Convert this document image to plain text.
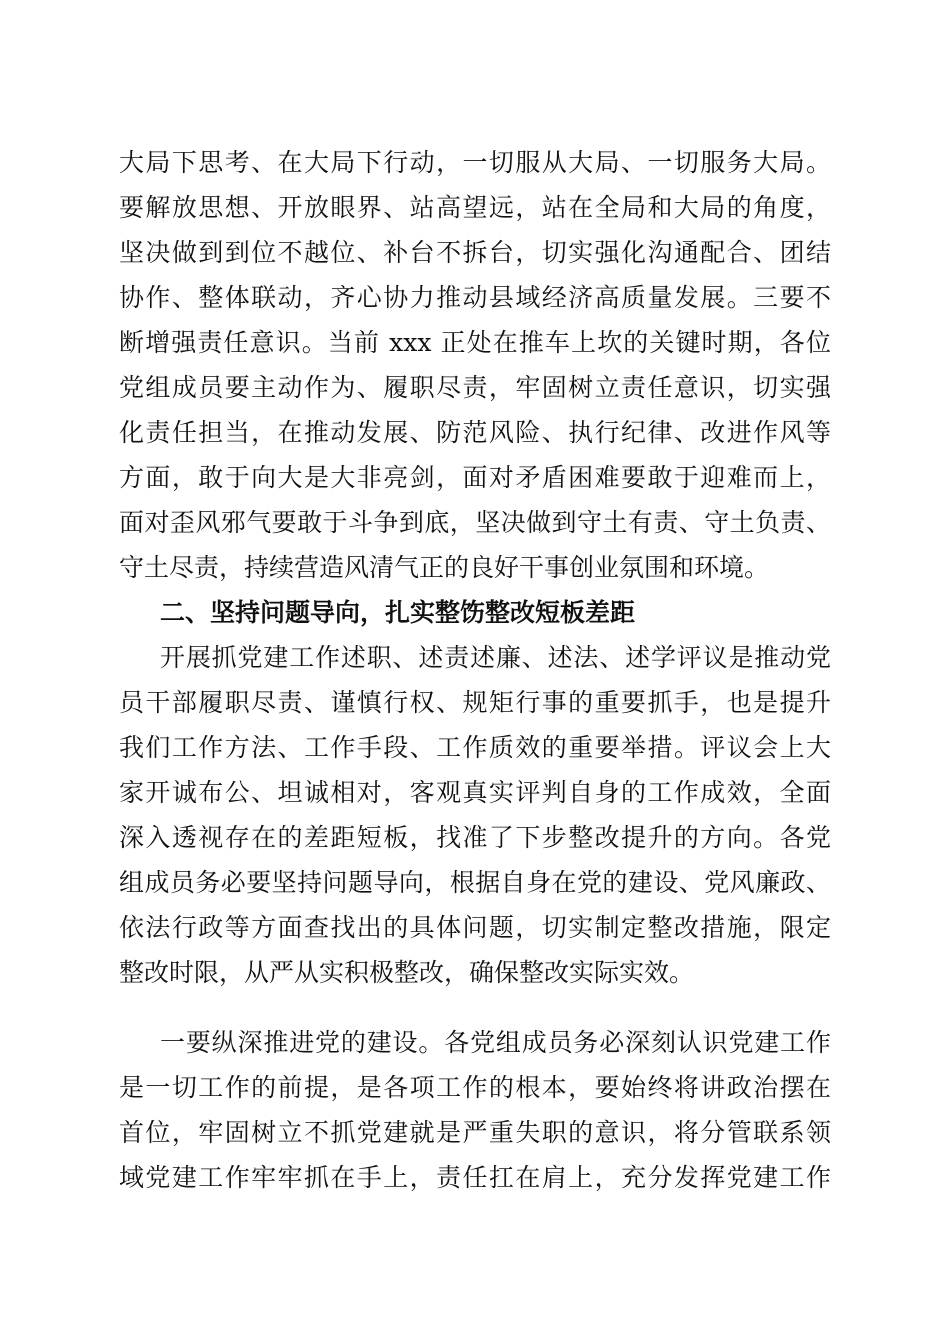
大局下思考、在大局下行动，一切服从大局、一切服务大局。
要解放思想、开放眼界、站高望远，站在全局和大局的角度，
坚决做到到位不越位、补台不拆台，切实强化沟通配合、团结
协作、整体联动，齐心协力推动县域经济高质量发展。三要不
断增强责任意识。当前 xxx 正处在推车上坎的关键时期，各位
党组成员要主动作为、履职尽责，牢固树立责任意识，切实强
化责任担当，在推动发展、防范风险、执行纪律、改进作风等
方面，敢于向大是大非亮剑，面对矛盾困难要敢于迎难而上，
面对歪风邪气要敢于斗争到底，坚决做到守土有责、守土负责、
守土尽责，持续营造风清气正的良好干事创业氛围和环境。
二、坚持问题导向，扎实整饬整改短板差距
开展抓党建工作述职、述责述廉、述法、述学评议是推动党
员干部履职尽责、谨慎行权、规矩行事的重要抓手，也是提升
我们工作方法、工作手段、工作质效的重要举措。评议会上大
家开诚布公、坦诚相对，客观真实评判自身的工作成效，全面
深入透视存在的差距短板，找准了下步整改提升的方向。各党
组成员务必要坚持问题导向，根据自身在党的建设、党风廉政、
依法行政等方面查找出的具体问题，切实制定整改措施，限定
整改时限，从严从实积极整改，确保整改实际实效。
一要纵深推进党的建设。各党组成员务必深刻认识党建工作
是一切工作的前提，是各项工作的根本，要始终将讲政治摆在
首位，牢固树立不抓党建就是严重失职的意识，将分管联系领
域党建工作牢牢抓在手上，责任扛在肩上，充分发挥党建工作
